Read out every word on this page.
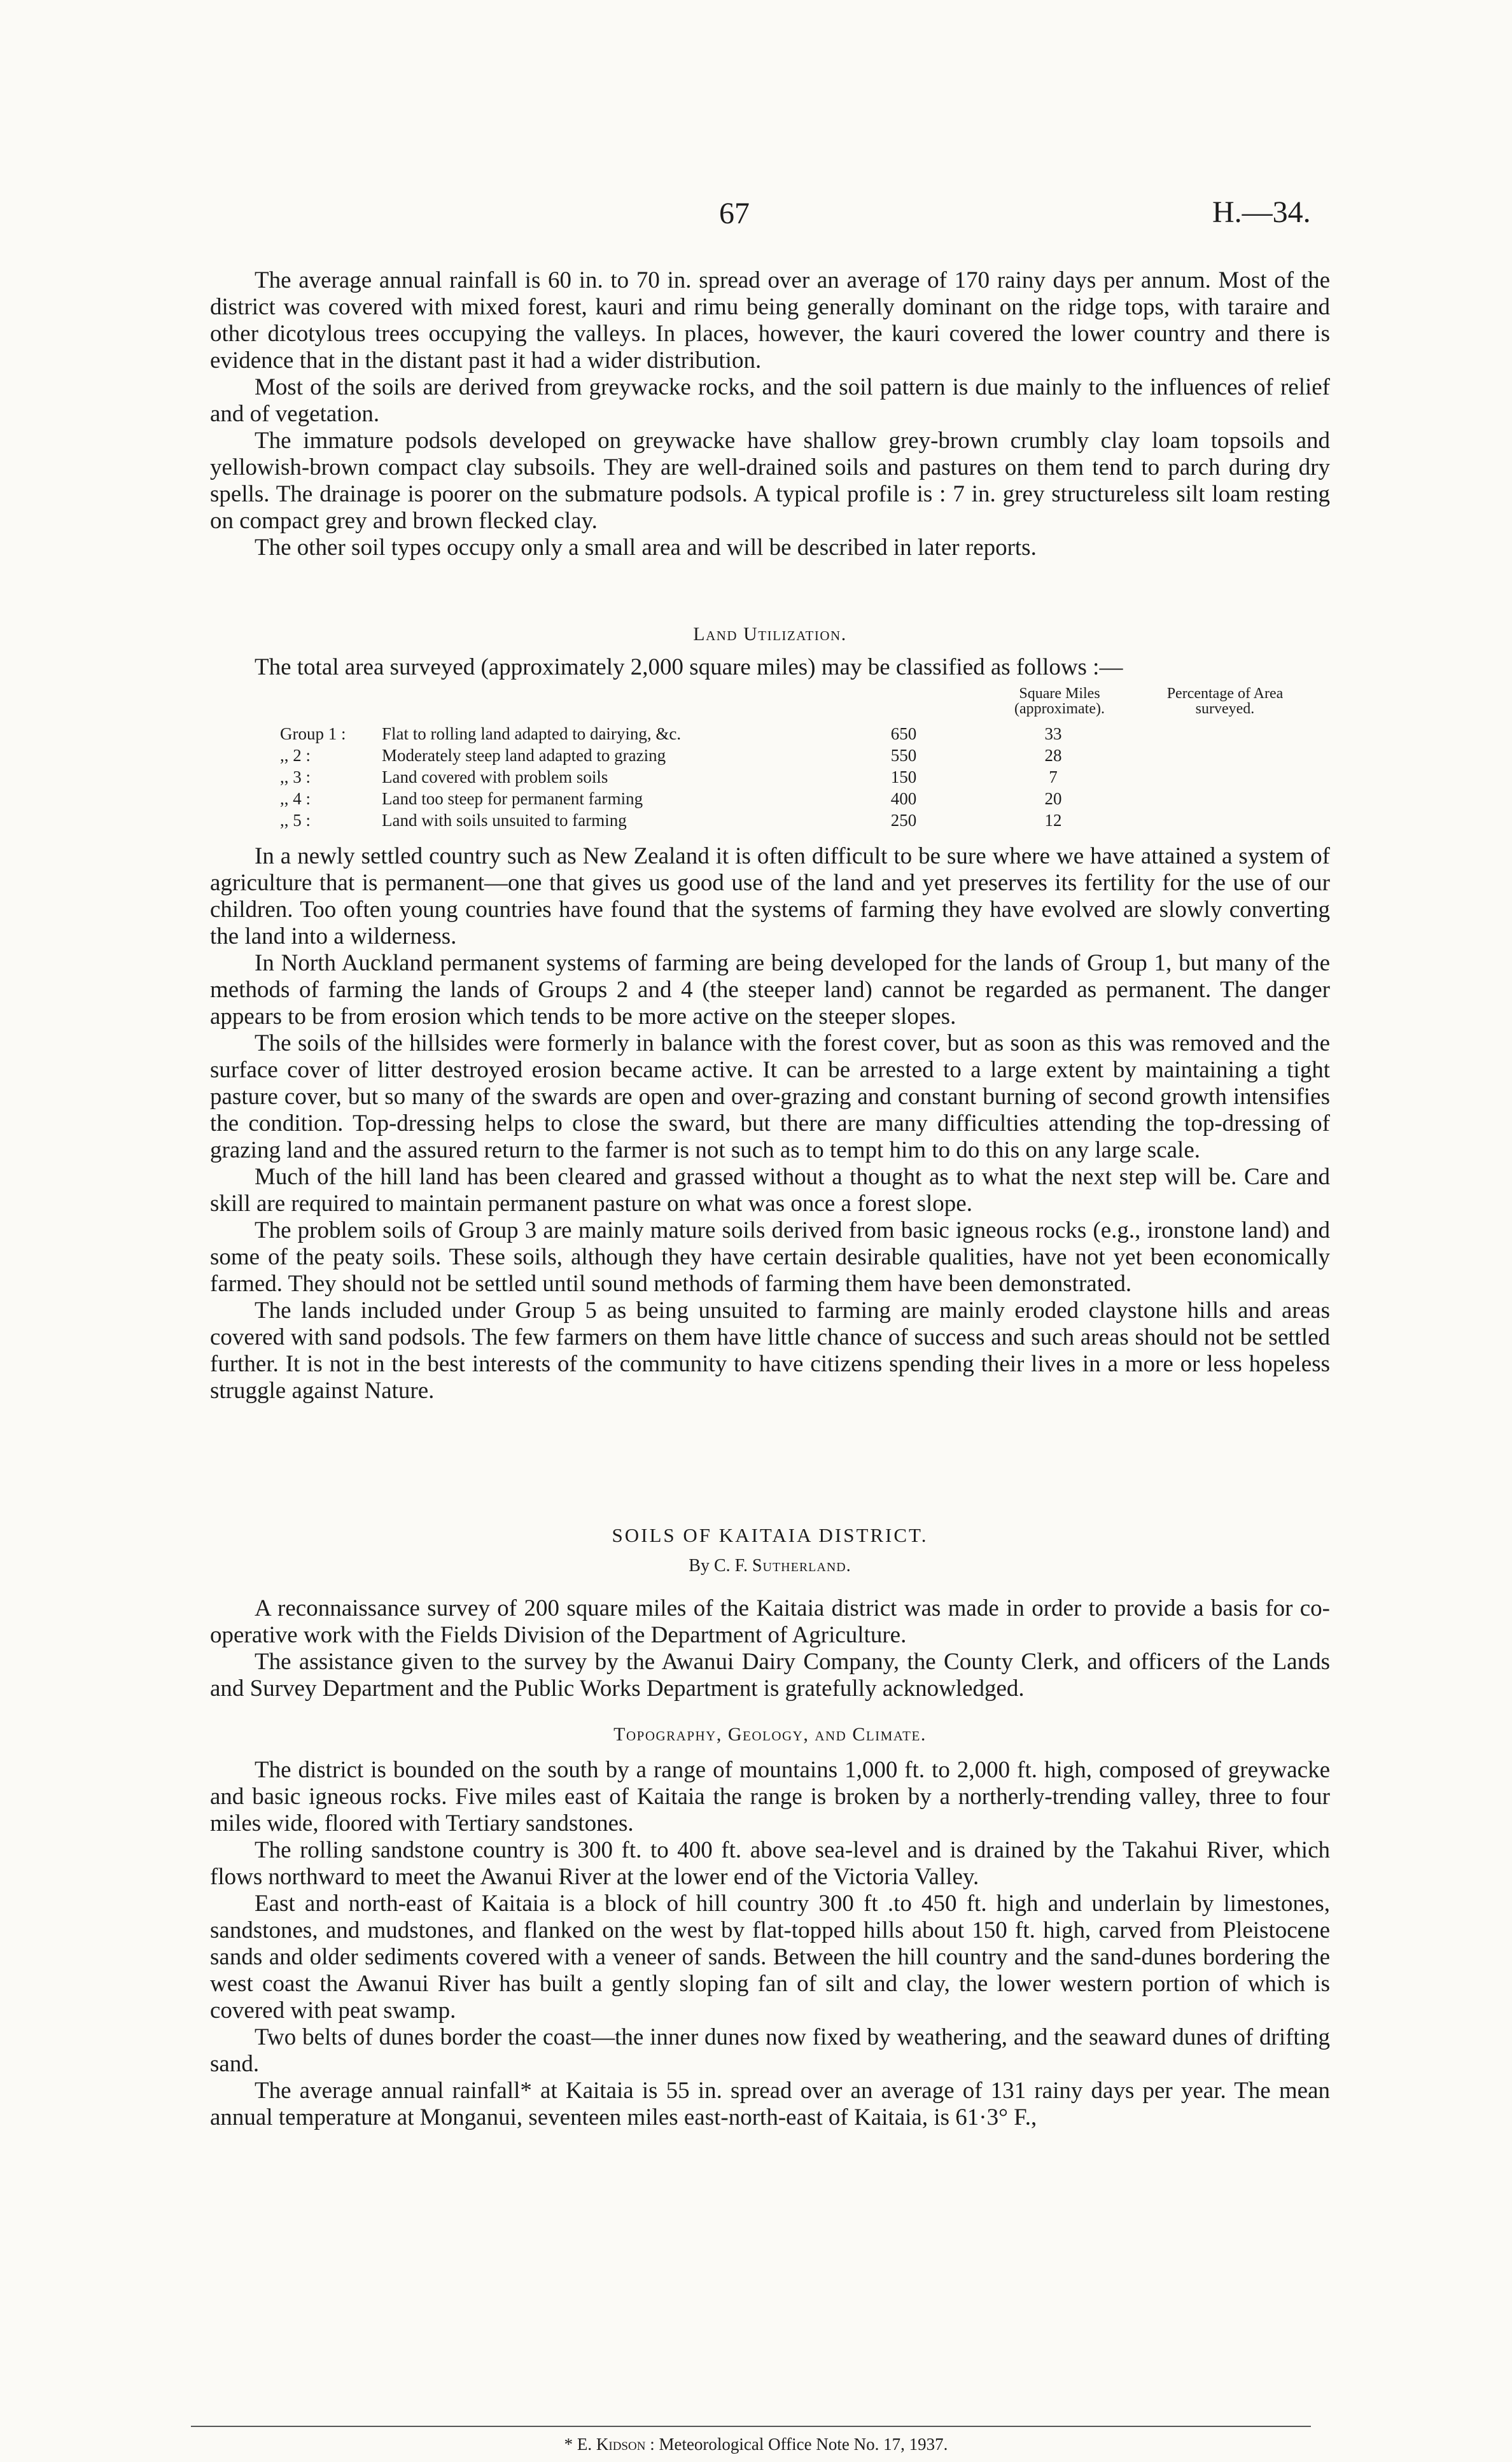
67	H.—34.

The average annual rainfall is 60 in. to 70 in. spread over an average of 170 rainy days per annum. Most of the district was covered with mixed forest, kauri and rimu being generally dominant on the ridge tops, with taraire and other dicotylous trees occupying the valleys. In places, however, the kauri covered the lower country and there is evidence that in the distant past it had a wider distribution.

Most of the soils are derived from greywacke rocks, and the soil pattern is due mainly to the influences of relief and of vegetation.

The immature podsols developed on greywacke have shallow grey-brown crumbly clay loam topsoils and yellowish-brown compact clay subsoils. They are well-drained soils and pastures on them tend to parch during dry spells. The drainage is poorer on the submature podsols. A typical profile is : 7 in. grey structureless silt loam resting on compact grey and brown flecked clay.

The other soil types occupy only a small area and will be described in later reports.

Land Utilization.

The total area surveyed (approximately 2,000 square miles) may be classified as follows :—

Square Miles (approximate).
Percentage of Area surveyed.
Group 1 :	Flat to rolling land adapted to dairying, &c.	650	33
,, 2 :	Moderately steep land adapted to grazing	550	28
,, 3 :	Land covered with problem soils	150	7
,, 4 :	Land too steep for permanent farming	400	20
,, 5 :	Land with soils unsuited to farming	250	12

In a newly settled country such as New Zealand it is often difficult to be sure where we have attained a system of agriculture that is permanent—one that gives us good use of the land and yet preserves its fertility for the use of our children. Too often young countries have found that the systems of farming they have evolved are slowly converting the land into a wilderness.

In North Auckland permanent systems of farming are being developed for the lands of Group 1, but many of the methods of farming the lands of Groups 2 and 4 (the steeper land) cannot be regarded as permanent. The danger appears to be from erosion which tends to be more active on the steeper slopes.

The soils of the hillsides were formerly in balance with the forest cover, but as soon as this was removed and the surface cover of litter destroyed erosion became active. It can be arrested to a large extent by maintaining a tight pasture cover, but so many of the swards are open and over-grazing and constant burning of second growth intensifies the condition. Top-dressing helps to close the sward, but there are many difficulties attending the top-dressing of grazing land and the assured return to the farmer is not such as to tempt him to do this on any large scale.

Much of the hill land has been cleared and grassed without a thought as to what the next step will be. Care and skill are required to maintain permanent pasture on what was once a forest slope.

The problem soils of Group 3 are mainly mature soils derived from basic igneous rocks (e.g., ironstone land) and some of the peaty soils. These soils, although they have certain desirable qualities, have not yet been economically farmed. They should not be settled until sound methods of farming them have been demonstrated.

The lands included under Group 5 as being unsuited to farming are mainly eroded claystone hills and areas covered with sand podsols. The few farmers on them have little chance of success and such areas should not be settled further. It is not in the best interests of the community to have citizens spending their lives in a more or less hopeless struggle against Nature.

SOILS OF KAITAIA DISTRICT.
By C. F. Sutherland.

A reconnaissance survey of 200 square miles of the Kaitaia district was made in order to provide a basis for co-operative work with the Fields Division of the Department of Agriculture.

The assistance given to the survey by the Awanui Dairy Company, the County Clerk, and officers of the Lands and Survey Department and the Public Works Department is gratefully acknowledged.

Topography, Geology, and Climate.

The district is bounded on the south by a range of mountains 1,000 ft. to 2,000 ft. high, composed of greywacke and basic igneous rocks. Five miles east of Kaitaia the range is broken by a northerly-trending valley, three to four miles wide, floored with Tertiary sandstones.

The rolling sandstone country is 300 ft. to 400 ft. above sea-level and is drained by the Takahui River, which flows northward to meet the Awanui River at the lower end of the Victoria Valley.

East and north-east of Kaitaia is a block of hill country 300 ft .to 450 ft. high and underlain by limestones, sandstones, and mudstones, and flanked on the west by flat-topped hills about 150 ft. high, carved from Pleistocene sands and older sediments covered with a veneer of sands. Between the hill country and the sand-dunes bordering the west coast the Awanui River has built a gently sloping fan of silt and clay, the lower western portion of which is covered with peat swamp.

Two belts of dunes border the coast—the inner dunes now fixed by weathering, and the seaward dunes of drifting sand.

The average annual rainfall* at Kaitaia is 55 in. spread over an average of 131 rainy days per year. The mean annual temperature at Monganui, seventeen miles east-north-east of Kaitaia, is 61·3° F.,

* E. Kidson : Meteorological Office Note No. 17, 1937.
